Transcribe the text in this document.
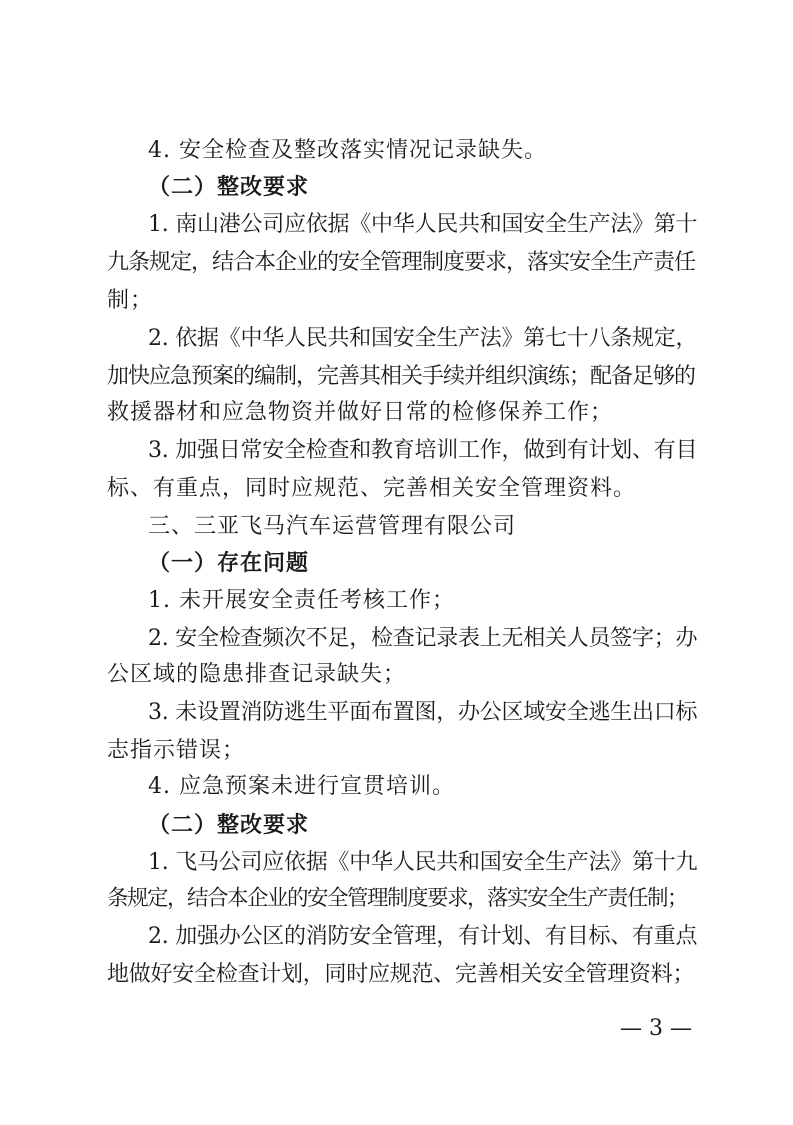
4. 安全检查及整改落实情况记录缺失。
（二）整改要求
1. 南山港公司应依据《中华人民共和国安全生产法》第十
九条规定，结合本企业的安全管理制度要求，落实安全生产责任
制；
2. 依据《中华人民共和国安全生产法》第七十八条规定，
加快应急预案的编制，完善其相关手续并组织演练；配备足够的
救援器材和应急物资并做好日常的检修保养工作；
3. 加强日常安全检查和教育培训工作，做到有计划、有目
标、有重点，同时应规范、完善相关安全管理资料。
三、三亚飞马汽车运营管理有限公司
（一）存在问题
1. 未开展安全责任考核工作；
2. 安全检查频次不足，检查记录表上无相关人员签字；办
公区域的隐患排查记录缺失；
3. 未设置消防逃生平面布置图，办公区域安全逃生出口标
志指示错误；
4. 应急预案未进行宣贯培训。
（二）整改要求
1. 飞马公司应依据《中华人民共和国安全生产法》第十九
条规定，结合本企业的安全管理制度要求，落实安全生产责任制；
2. 加强办公区的消防安全管理，有计划、有目标、有重点
地做好安全检查计划，同时应规范、完善相关安全管理资料；
— 3 —
